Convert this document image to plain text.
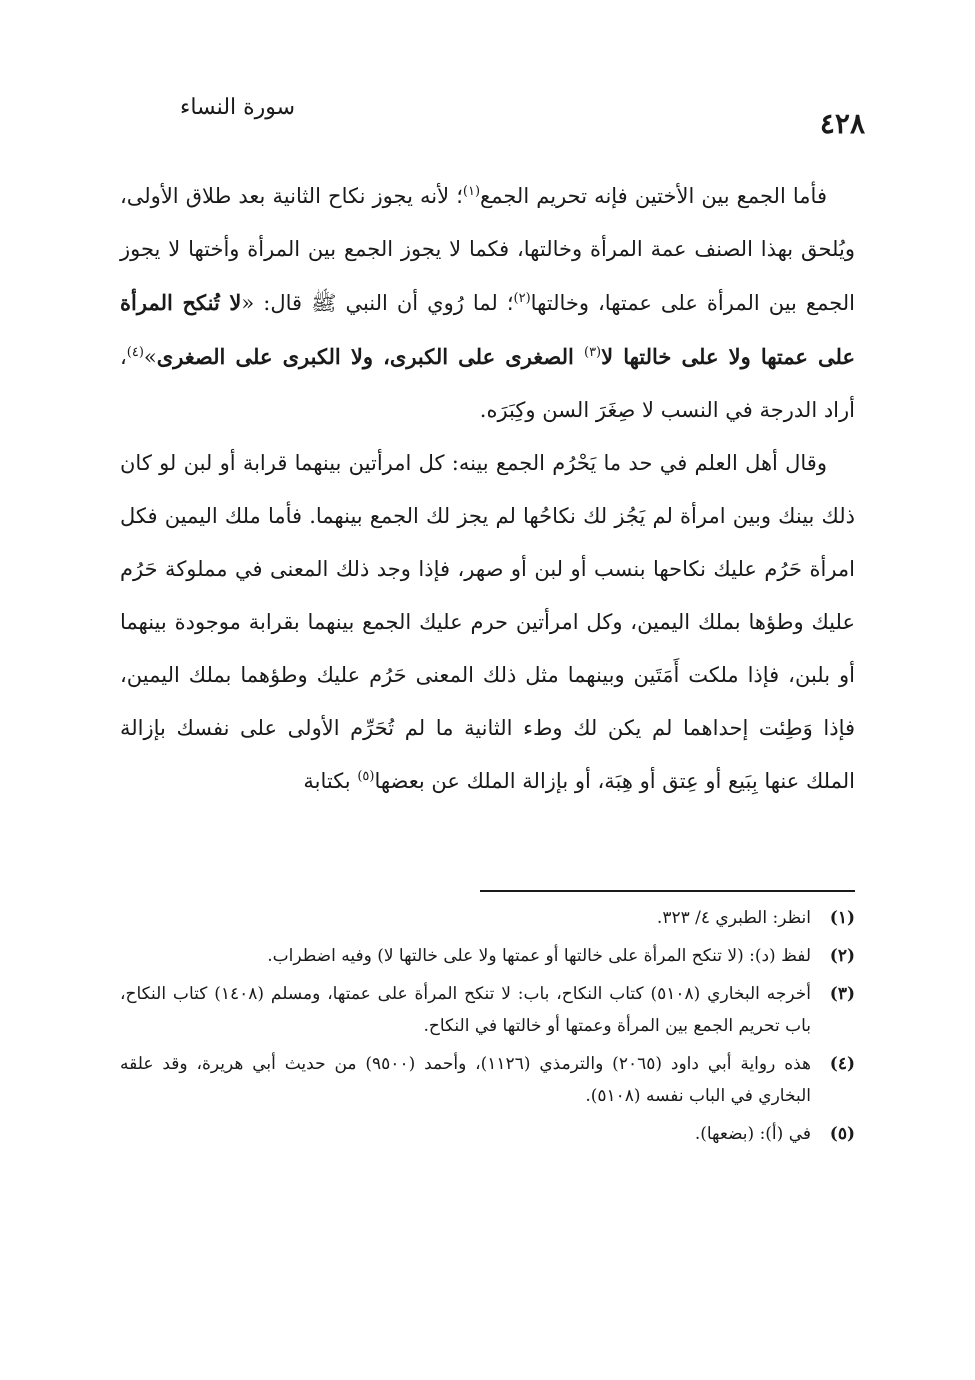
سورة النساء	٤٢٨

فأما الجمع بين الأختين فإنه تحريم الجمع$^{(١)}$؛ لأنه يجوز نكاح الثانية بعد طلاق الأولى، ويُلحق بهذا الصنف عمة المرأة وخالتها، فكما لا يجوز الجمع بين المرأة وأختها لا يجوز الجمع بين المرأة على عمتها، وخالتها$^{(٢)}$؛ لما رُوي أن النبي ﷺ قال: «لا تُنكح المرأة على عمتها ولا على خالتها لا$^{(٣)}$ الصغرى على الكبرى، ولا الكبرى على الصغرى»$^{(٤)}$، أراد الدرجة في النسب لا صِغَرَ السن وكِبَرَه.

وقال أهل العلم في حد ما يَحْرُم الجمع بينه: كل امرأتين بينهما قرابة أو لبن لو كان ذلك بينك وبين امرأة لم يَجُز لك نكاحُها لم يجز لك الجمع بينهما. فأما ملك اليمين فكل امرأة حَرُم عليك نكاحها بنسب أو لبن أو صهر، فإذا وجد ذلك المعنى في مملوكة حَرُم عليك وطؤها بملك اليمين، وكل امرأتين حرم عليك الجمع بينهما بقرابة موجودة بينهما أو بلبن، فإذا ملكت أَمَتَين وبينهما مثل ذلك المعنى حَرُم عليك وطؤهما بملك اليمين، فإذا وَطِئت إحداهما لم يكن لك وطء الثانية ما لم تُحَرِّم الأولى على نفسك بإزالة الملك عنها بِبَيع أو عِتق أو هِبَة، أو بإزالة الملك عن بعضها$^{(٥)}$ بكتابة

(١)
انظر: الطبري ٤/ ٣٢٣.
(٢)
لفظ (د): (لا تنكح المرأة على خالتها أو عمتها ولا على خالتها لا) وفيه اضطراب.
(٣)
أخرجه البخاري (٥١٠٨) كتاب النكاح، باب: لا تنكح المرأة على عمتها، ومسلم (١٤٠٨) كتاب النكاح، باب تحريم الجمع بين المرأة وعمتها أو خالتها في النكاح.
(٤)
هذه رواية أبي داود (٢٠٦٥) والترمذي (١١٢٦)، وأحمد (٩٥٠٠) من حديث أبي هريرة، وقد علقه البخاري في الباب نفسه (٥١٠٨).
(٥)
في (أ): (بضعها).
